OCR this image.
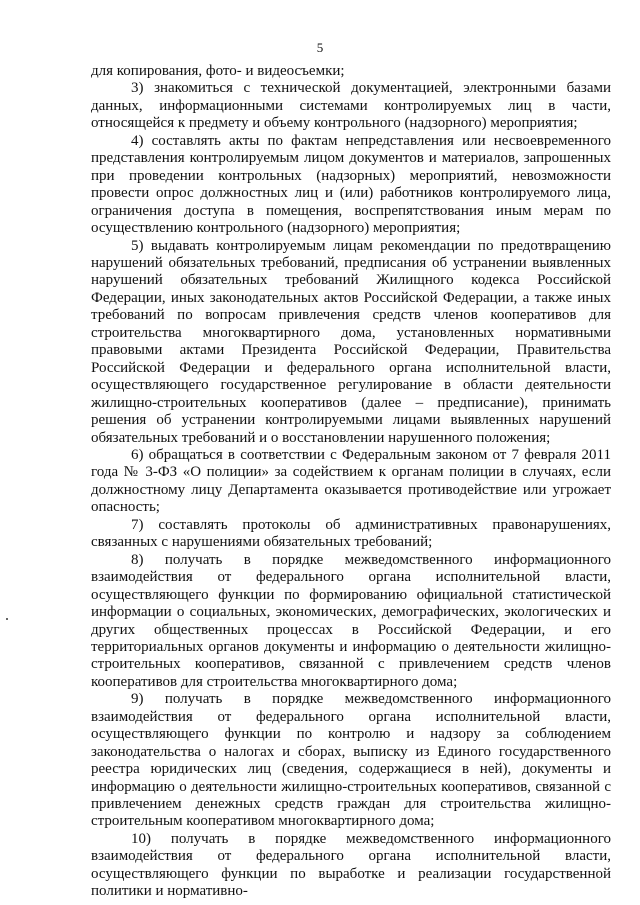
5

для копирования, фото- и видеосъемки;

3) знакомиться с технической документацией, электронными базами данных, информационными системами контролируемых лиц в части, относящейся к предмету и объему контрольного (надзорного) мероприятия;

4) составлять акты по фактам непредставления или несвоевременного представления контролируемым лицом документов и материалов, запрошенных при проведении контрольных (надзорных) мероприятий, невозможности провести опрос должностных лиц и (или) работников контролируемого лица, ограничения доступа в помещения, воспрепятствования иным мерам по осуществлению контрольного (надзорного) мероприятия;

5) выдавать контролируемым лицам рекомендации по предотвращению нарушений обязательных требований, предписания об устранении выявленных нарушений обязательных требований Жилищного кодекса Российской Федерации, иных законодательных актов Российской Федерации, а также иных требований по вопросам привлечения средств членов кооперативов для строительства многоквартирного дома, установленных нормативными правовыми актами Президента Российской Федерации, Правительства Российской Федерации и федерального органа исполнительной власти, осуществляющего государственное регулирование в области деятельности жилищно-строительных кооперативов (далее – предписание), принимать решения об устранении контролируемыми лицами выявленных нарушений обязательных требований и о восстановлении нарушенного положения;

6) обращаться в соответствии с Федеральным законом от 7 февраля 2011 года № 3-ФЗ «О полиции» за содействием к органам полиции в случаях, если должностному лицу Департамента оказывается противодействие или угрожает опасность;

7) составлять протоколы об административных правонарушениях, связанных с нарушениями обязательных требований;

8) получать в порядке межведомственного информационного взаимодействия от федерального органа исполнительной власти, осуществляющего функции по формированию официальной статистической информации о социальных, экономических, демографических, экологических и других общественных процессах в Российской Федерации, и его территориальных органов документы и информацию о деятельности жилищно-строительных кооперативов, связанной с привлечением средств членов кооперативов для строительства многоквартирного дома;

9) получать в порядке межведомственного информационного взаимодействия от федерального органа исполнительной власти, осуществляющего функции по контролю и надзору за соблюдением законодательства о налогах и сборах, выписку из Единого государственного реестра юридических лиц (сведения, содержащиеся в ней), документы и информацию о деятельности жилищно-строительных кооперативов, связанной с привлечением денежных средств граждан для строительства жилищно-строительным кооперативом многоквартирного дома;

10) получать в порядке межведомственного информационного взаимодействия от федерального органа исполнительной власти, осуществляющего функции по выработке и реализации государственной политики и нормативно-
